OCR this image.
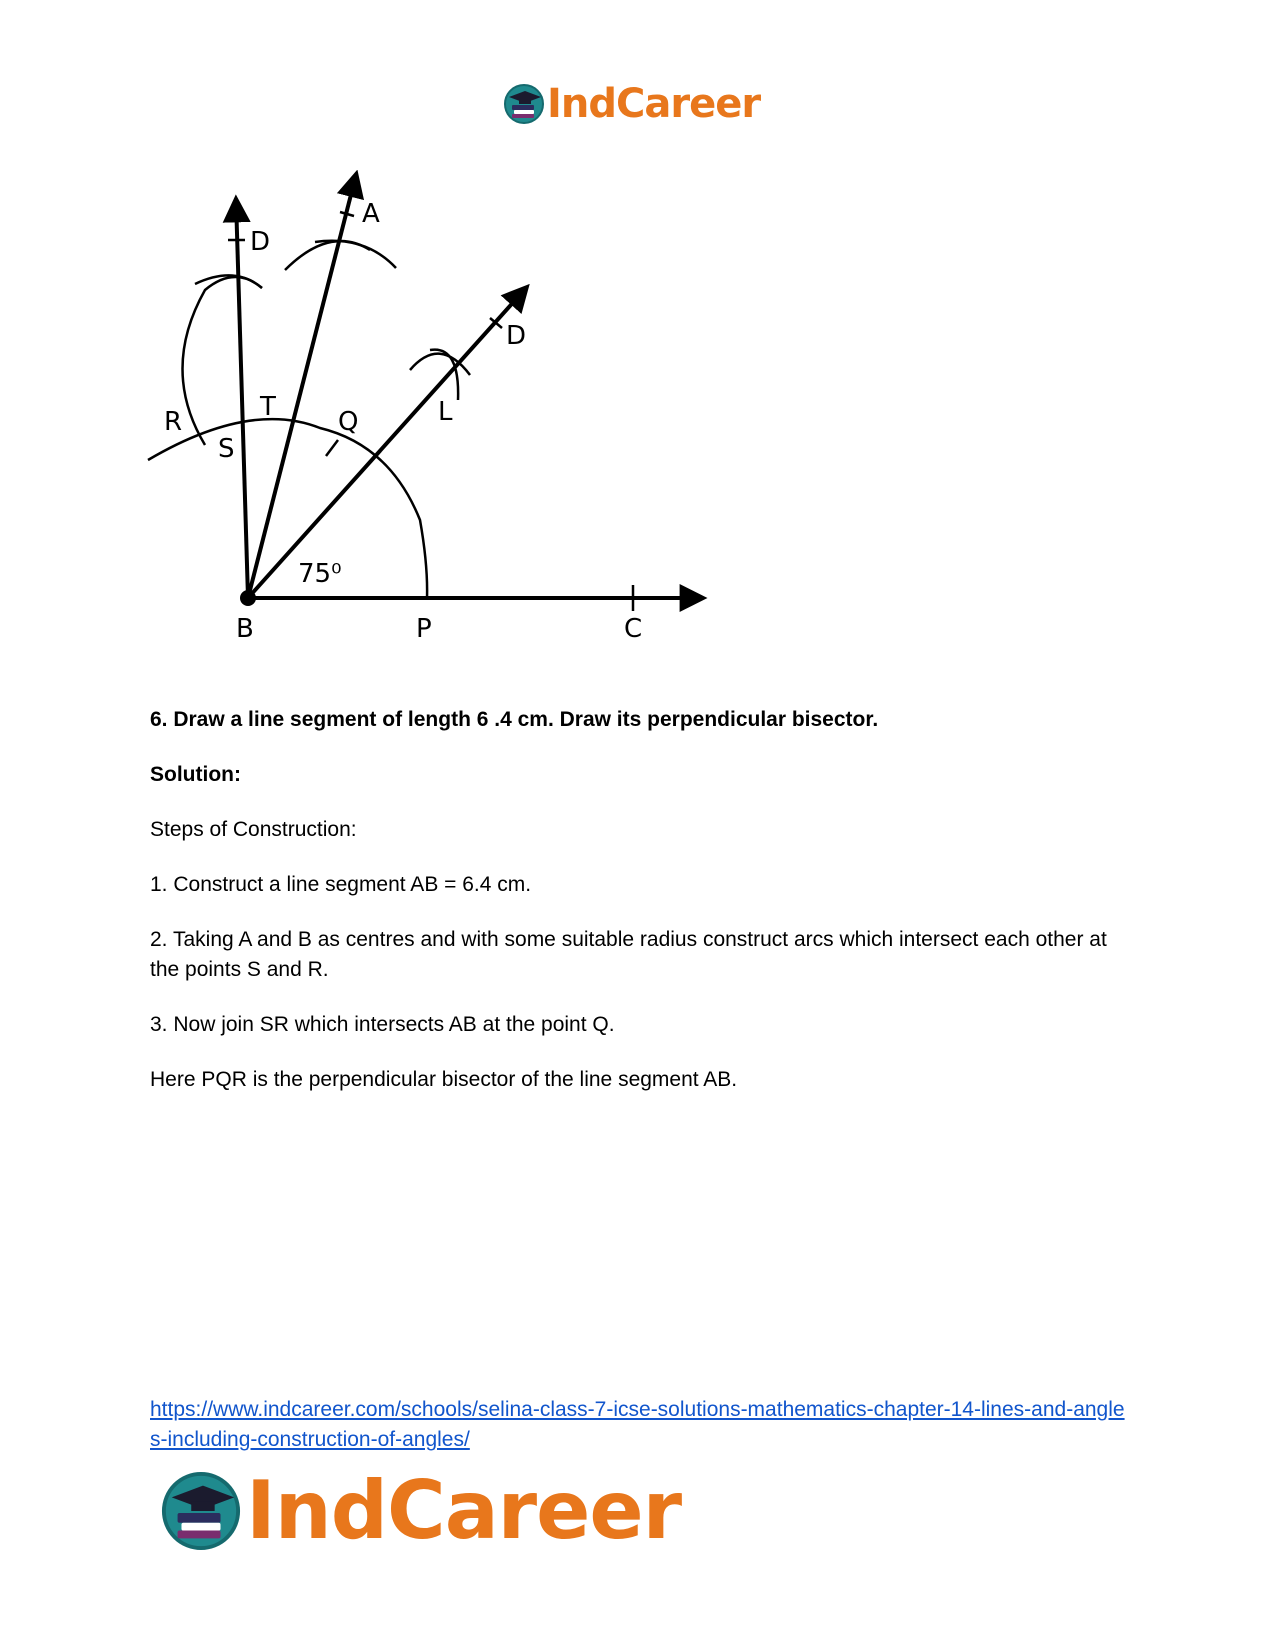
IndCareer
B	P	C
R
S
T Q	L
A
D
D
75⁰
6. Draw a line segment of length 6 .4 cm. Draw its perpendicular bisector.
Solution:
Steps of Construction:
1. Construct a line segment AB = 6.4 cm.
2. Taking A and B as centres and with some suitable radius construct arcs which intersect each other at the points S and R.
3. Now join SR which intersects AB at the point Q.
Here PQR is the perpendicular bisector of the line segment AB.
https://www.indcareer.com/schools/selina-class-7-icse-solutions-mathematics-chapter-14-lines-and-angles-including-construction-of-angles/
IndCareer
